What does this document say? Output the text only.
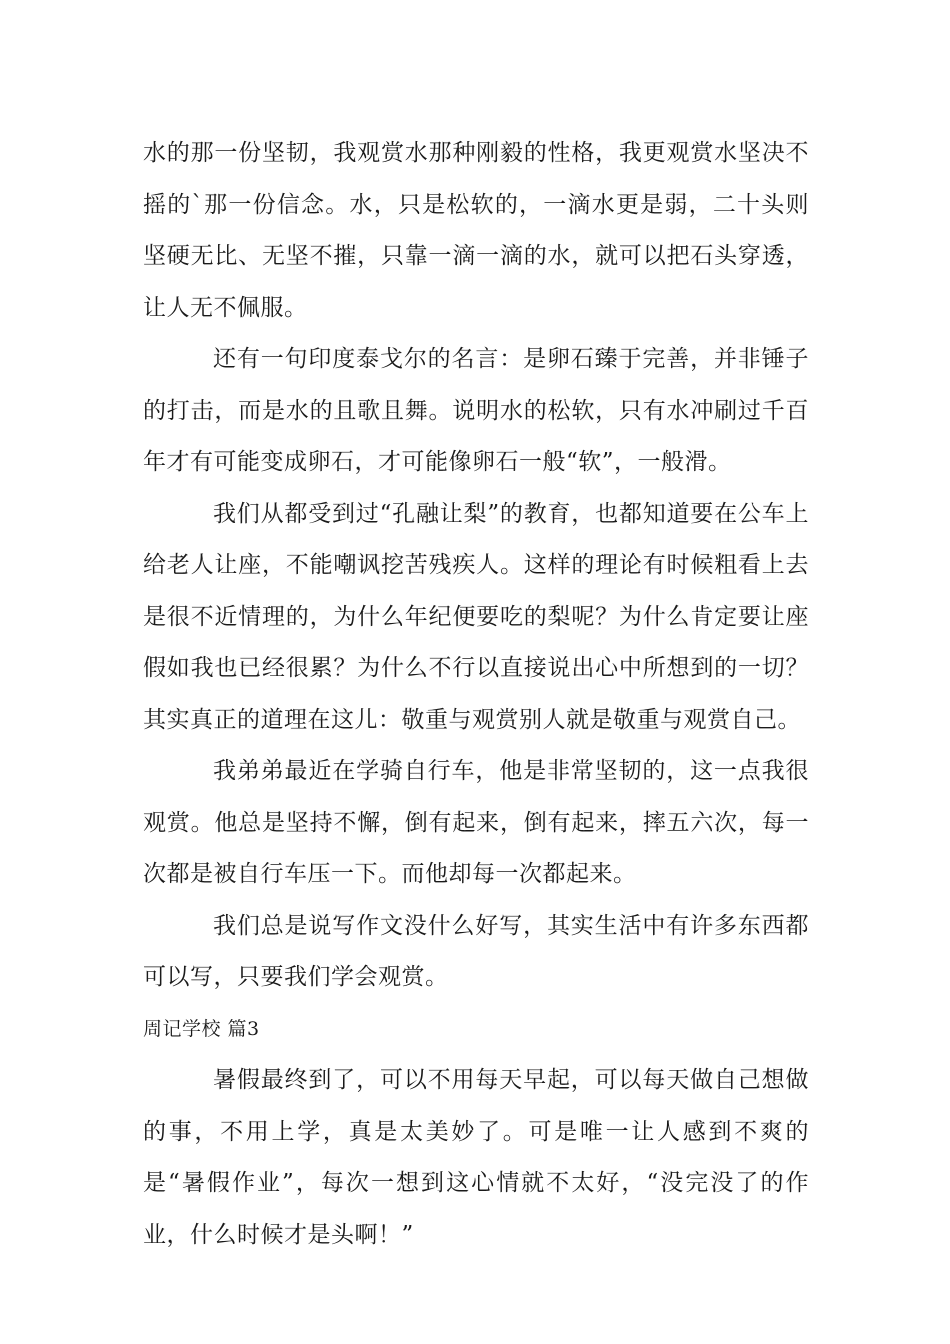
水的那一份坚韧，我观赏水那种刚毅的性格，我更观赏水坚决不摇的`那一份信念。水，只是松软的，一滴水更是弱，二十头则坚硬无比、无坚不摧，只靠一滴一滴的水，就可以把石头穿透，让人无不佩服。

还有一句印度泰戈尔的名言：是卵石臻于完善，并非锤子的打击，而是水的且歌且舞。说明水的松软，只有水冲刷过千百年才有可能变成卵石，才可能像卵石一般“软”，一般滑。

我们从都受到过“孔融让梨”的教育，也都知道要在公车上给老人让座，不能嘲讽挖苦残疾人。这样的理论有时候粗看上去是很不近情理的，为什么年纪便要吃的梨呢？为什么肯定要让座假如我也已经很累？为什么不行以直接说出心中所想到的一切？其实真正的道理在这儿：敬重与观赏别人就是敬重与观赏自己。

我弟弟最近在学骑自行车，他是非常坚韧的，这一点我很观赏。他总是坚持不懈，倒有起来，倒有起来，摔五六次，每一次都是被自行车压一下。而他却每一次都起来。

我们总是说写作文没什么好写，其实生活中有许多东西都可以写，只要我们学会观赏。

周记学校 篇3

暑假最终到了，可以不用每天早起，可以每天做自己想做的事，不用上学，真是太美妙了。可是唯一让人感到不爽的是“暑假作业”，每次一想到这心情就不太好，“没完没了的作业，什么时候才是头啊！”
